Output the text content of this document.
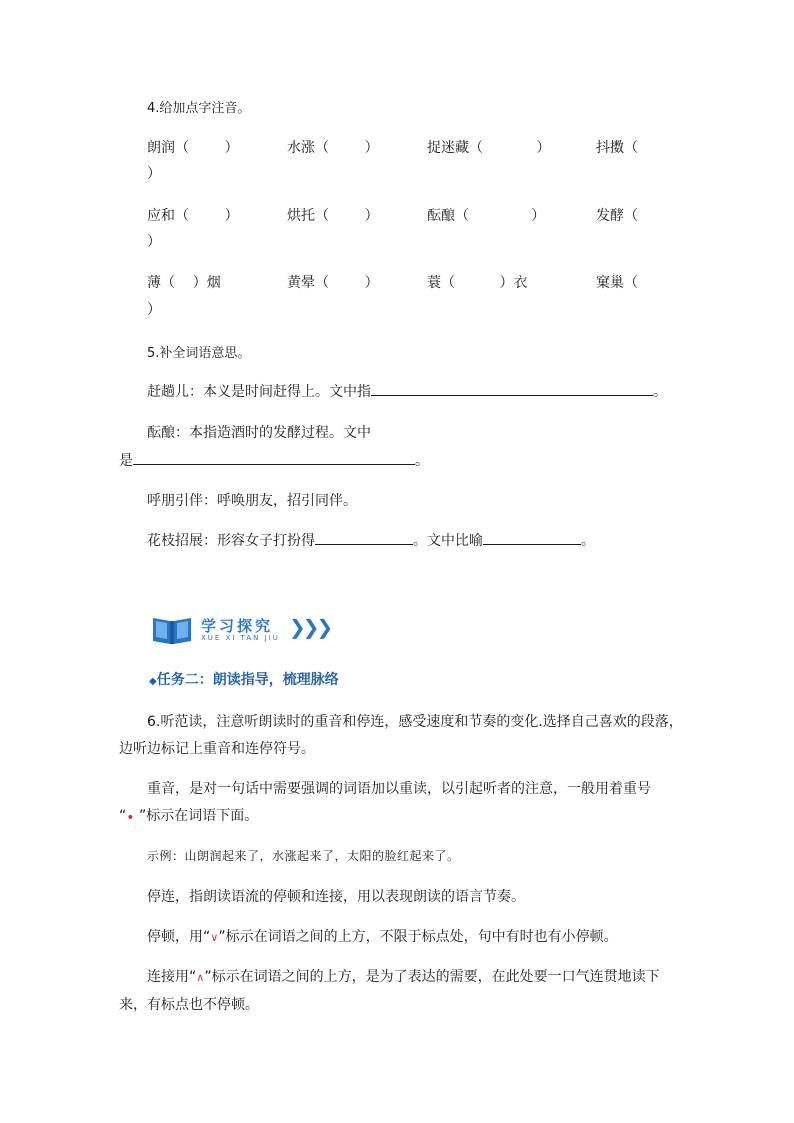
4.给加点字注音。
朗润（        ）	水涨（        ）	捉迷藏（            ）	抖擞（
）
应和（        ）	烘托（        ）	酝酿（              ）	发酵（
）
薄（    ）烟	黄晕（        ）	蓑（          ）衣	窠巢（
）
5.补全词语意思。
赶趟儿：本义是时间赶得上。文中指	。
酝酿：本指造酒时的发酵过程。文中
是	。
呼朋引伴：呼唤朋友，招引同伴。
花枝招展：形容女子打扮得	。文中比喻	。
学习探究
XUE XI TAN JIU ❯❯❯
◆任务二：朗读指导，梳理脉络
6.听范读，注意听朗读时的重音和停连，感受速度和节奏的变化.选择自己喜欢的段落，
边听边标记上重音和连停符号。
重音，是对一句话中需要强调的词语加以重读，以引起听者的注意，一般用着重号
“• ”标示在词语下面。
示例：山朗润起来了，水涨起来了，太阳的脸红起来了。
停连，指朗读语流的停顿和连接，用以表现朗读的语言节奏。
停顿，用“∨”标示在词语之间的上方，不限于标点处，句中有时也有小停顿。
连接用“∧”标示在词语之间的上方，是为了表达的需要，在此处要一口气连贯地读下
来，有标点也不停顿。
